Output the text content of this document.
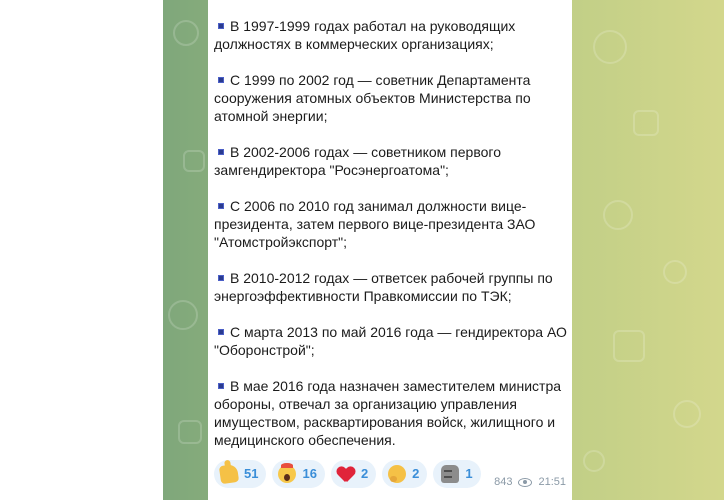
В 1997-1999 годах работал на руководящих должностях в коммерческих организациях;
С 1999 по 2002 год — советник Департамента сооружения атомных объектов Министерства по атомной энергии;
В 2002-2006 годах — советником первого замгендиректора "Росэнергоатома";
С 2006 по 2010 год занимал должности вице-президента, затем первого вице-президента ЗАО "Атомстройэкспорт";
В 2010-2012 годах — ответсек рабочей группы по энергоэффективности Правкомиссии по ТЭК;
С марта 2013 по май 2016 года — гендиректора АО "Оборонстрой";
В мае 2016 года назначен заместителем министра обороны, отвечал за организацию управления имуществом, расквартирования войск, жилищного и медицинского обеспечения.
51	16	2	2	1
843 21:51
